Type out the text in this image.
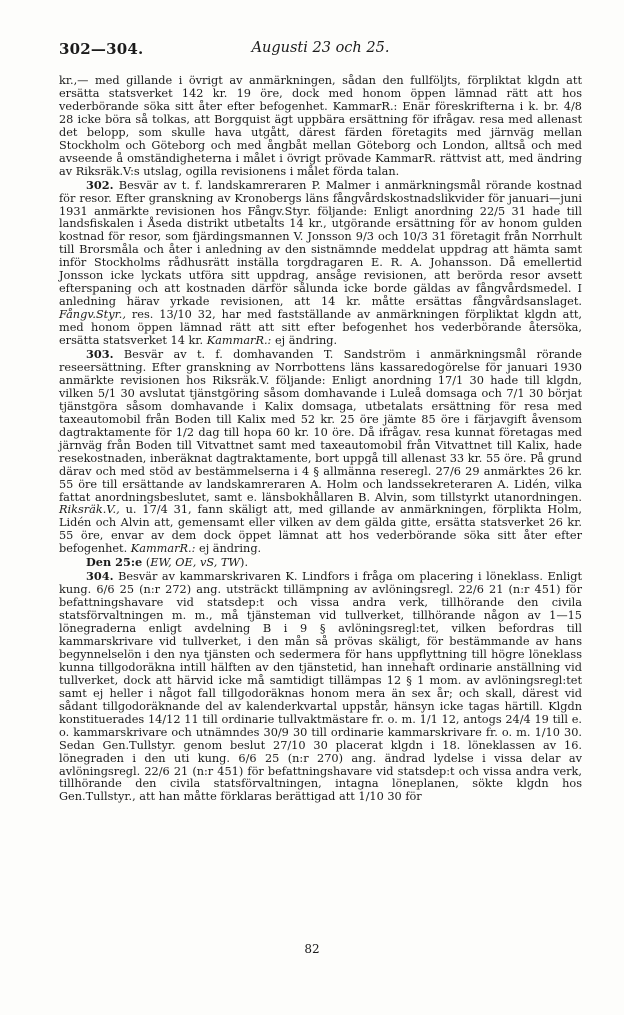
302—304.	Augusti 23 och 25.

kr.,— med gillande i övrigt av anmärkningen, sådan den fullföljts, förpliktat klgdn att ersätta statsverket 142 kr. 19 öre, dock med honom öppen lämnad rätt att hos vederbörande söka sitt åter efter befogenhet. KammarR.: Enär föreskrifterna i k. br. 4/8 28 icke böra så tolkas, att Borgquist ägt uppbära ersättning för ifrågav. resa med allenast det belopp, som skulle hava utgått, därest färden företagits med järnväg mellan Stockholm och Göteborg och med ångbåt mellan Göteborg och London, alltså och med avseende å omständigheterna i målet i övrigt prövade KammarR. rättvist att, med ändring av Riksräk.V:s utslag, ogilla revisionens i målet förda talan.

302. Besvär av t. f. landskamreraren P. Malmer i anmärkningsmål rörande kostnad för resor. Efter granskning av Kronobergs läns fångvårdskostnadslikvider för januari—juni 1931 anmärkte revisionen hos Fångv.Styr. följande: Enligt anordning 22/5 31 hade till landsfiskalen i Åseda distrikt utbetalts 14 kr., utgörande ersättning för av honom gulden kostnad för resor, som fjärdingsmannen V. Jonsson 9/3 och 10/3 31 företagit från Norrhult till Brorsmåla och åter i anledning av den sistnämnde meddelat uppdrag att hämta samt inför Stockholms rådhusrätt inställa torgdragaren E. R. A. Johansson. Då emellertid Jonsson icke lyckats utföra sitt uppdrag, ansåge revisionen, att berörda resor avsett efterspaning och att kostnaden därför sålunda icke borde gäldas av fångvårdsmedel. I anledning härav yrkade revisionen, att 14 kr. måtte ersättas fångvårdsanslaget. Fångv.Styr., res. 13/10 32, har med fastställande av anmärkningen förpliktat klgdn att, med honom öppen lämnad rätt att sitt efter befogenhet hos vederbörande återsöka, ersätta statsverket 14 kr. KammarR.: ej ändring.

303. Besvär av t. f. domhavanden T. Sandström i anmärkningsmål rörande reseersättning. Efter granskning av Norrbottens läns kassaredogörelse för januari 1930 anmärkte revisionen hos Riksräk.V. följande: Enligt anordning 17/1 30 hade till klgdn, vilken 5/1 30 avslutat tjänstgöring såsom domhavande i Luleå domsaga och 7/1 30 börjat tjänstgöra såsom domhavande i Kalix domsaga, utbetalats ersättning för resa med taxeautomobil från Boden till Kalix med 52 kr. 25 öre jämte 85 öre i färjavgift åvensom dagtraktamente för 1/2 dag till hopa 60 kr. 10 öre. Då ifrågav. resa kunnat företagas med järnväg från Boden till Vitvattnet samt med taxeautomobil från Vitvattnet till Kalix, hade resekostnaden, inberäknat dagtraktamente, bort uppgå till allenast 33 kr. 55 öre. På grund därav och med stöd av bestämmelserna i 4 § allmänna reseregl. 27/6 29 anmärktes 26 kr. 55 öre till ersättande av landskamreraren A. Holm och landssekreteraren A. Lidén, vilka fattat anordningsbeslutet, samt e. länsbokhållaren B. Alvin, som tillstyrkt utanordningen. Riksräk.V., u. 17/4 31, fann skäligt att, med gillande av anmärkningen, förplikta Holm, Lidén och Alvin att, gemensamt eller vilken av dem gälda gitte, ersätta statsverket 26 kr. 55 öre, envar av dem dock öppet lämnat att hos vederbörande söka sitt åter efter befogenhet. KammarR.: ej ändring.

Den 25:e (EW, OE, vS, TW).

304. Besvär av kammarskrivaren K. Lindfors i fråga om placering i löneklass. Enligt kung. 6/6 25 (n:r 272) ang. utsträckt tillämpning av avlöningsregl. 22/6 21 (n:r 451) för befattningshavare vid statsdep:t och vissa andra verk, tillhörande den civila statsförvaltningen m. m., må tjänsteman vid tullverket, tillhörande någon av 1—15 lönegraderna enligt avdelning B i 9 § avlöningsregl:tet, vilken befordras till kammarskrivare vid tullverket, i den mån så prövas skäligt, för bestämmande av hans begynnelselön i den nya tjänsten och sedermera för hans uppflyttning till högre löneklass kunna tillgodoräkna intill hälften av den tjänstetid, han innehaft ordinarie anställning vid tullverket, dock att härvid icke må samtidigt tillämpas 12 § 1 mom. av avlöningsregl:tet samt ej heller i något fall tillgodoräknas honom mera än sex år; och skall, därest vid sådant tillgodoräknande del av kalenderkvartal uppstår, hänsyn icke tagas härtill. Klgdn konstituerades 14/12 11 till ordinarie tullvaktmästare fr. o. m. 1/1 12, antogs 24/4 19 till e. o. kammarskrivare och utnämndes 30/9 30 till ordinarie kammarskrivare fr. o. m. 1/10 30. Sedan Gen.Tullstyr. genom beslut 27/10 30 placerat klgdn i 18. löneklassen av 16. lönegraden i den uti kung. 6/6 25 (n:r 270) ang. ändrad lydelse i vissa delar av avlöningsregl. 22/6 21 (n:r 451) för befattningshavare vid statsdep:t och vissa andra verk, tillhörande den civila statsförvaltningen, intagna löneplanen, sökte klgdn hos Gen.Tullstyr., att han måtte förklaras berättigad att 1/10 30 för

82
